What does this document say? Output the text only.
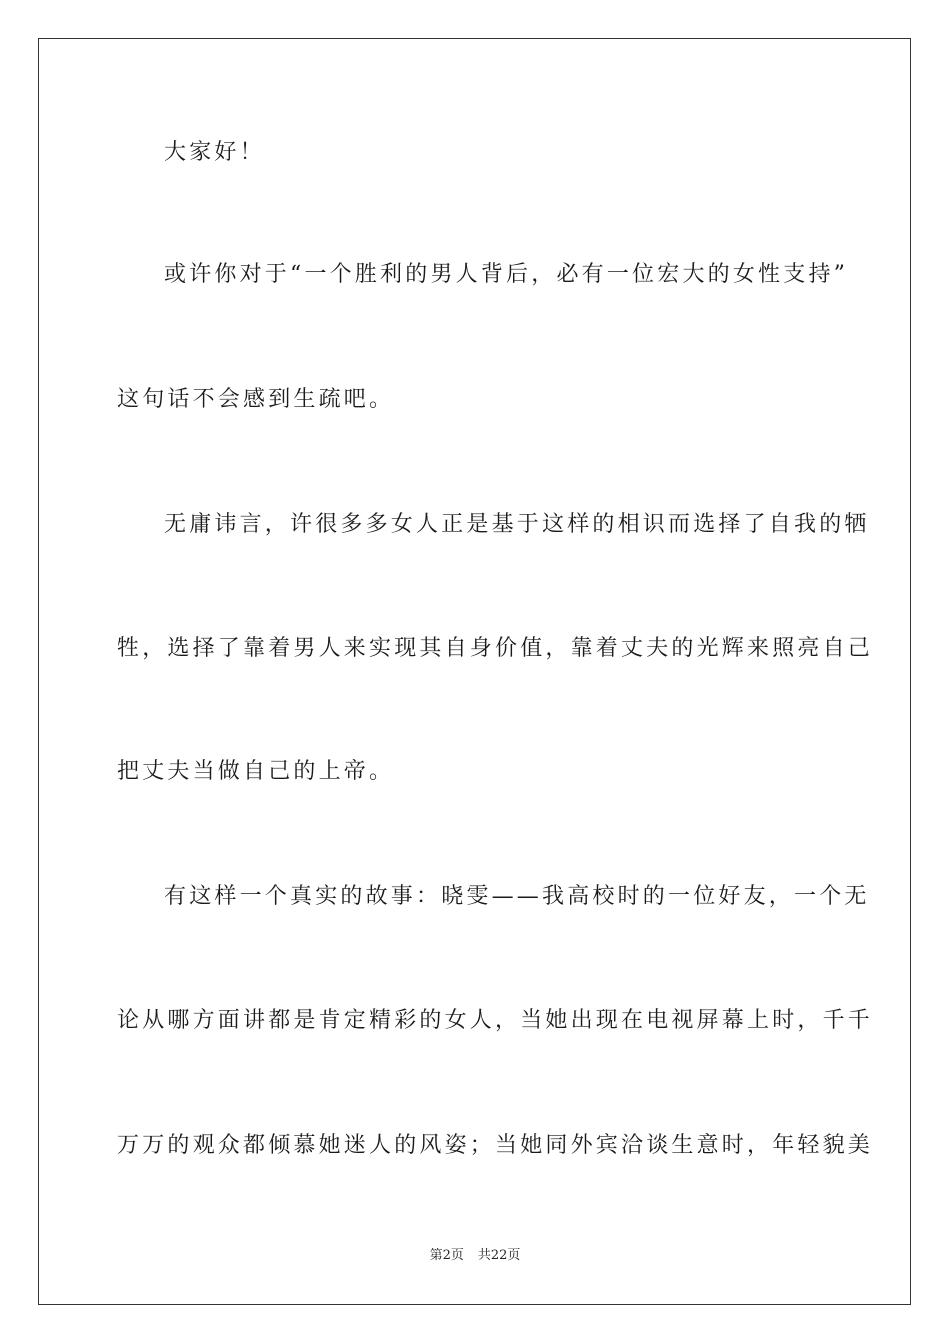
大家好！
或许你对于“一个胜利的男人背后，必有一位宏大的女性支持”
这句话不会感到生疏吧。
无庸讳言，许很多多女人正是基于这样的相识而选择了自我的牺
牲，选择了靠着男人来实现其自身价值，靠着丈夫的光辉来照亮自己
把丈夫当做自己的上帝。
有这样一个真实的故事：晓雯——我高校时的一位好友，一个无
论从哪方面讲都是肯定精彩的女人，当她出现在电视屏幕上时，千千
万万的观众都倾慕她迷人的风姿；当她同外宾洽谈生意时，年轻貌美
第2页 共22页
